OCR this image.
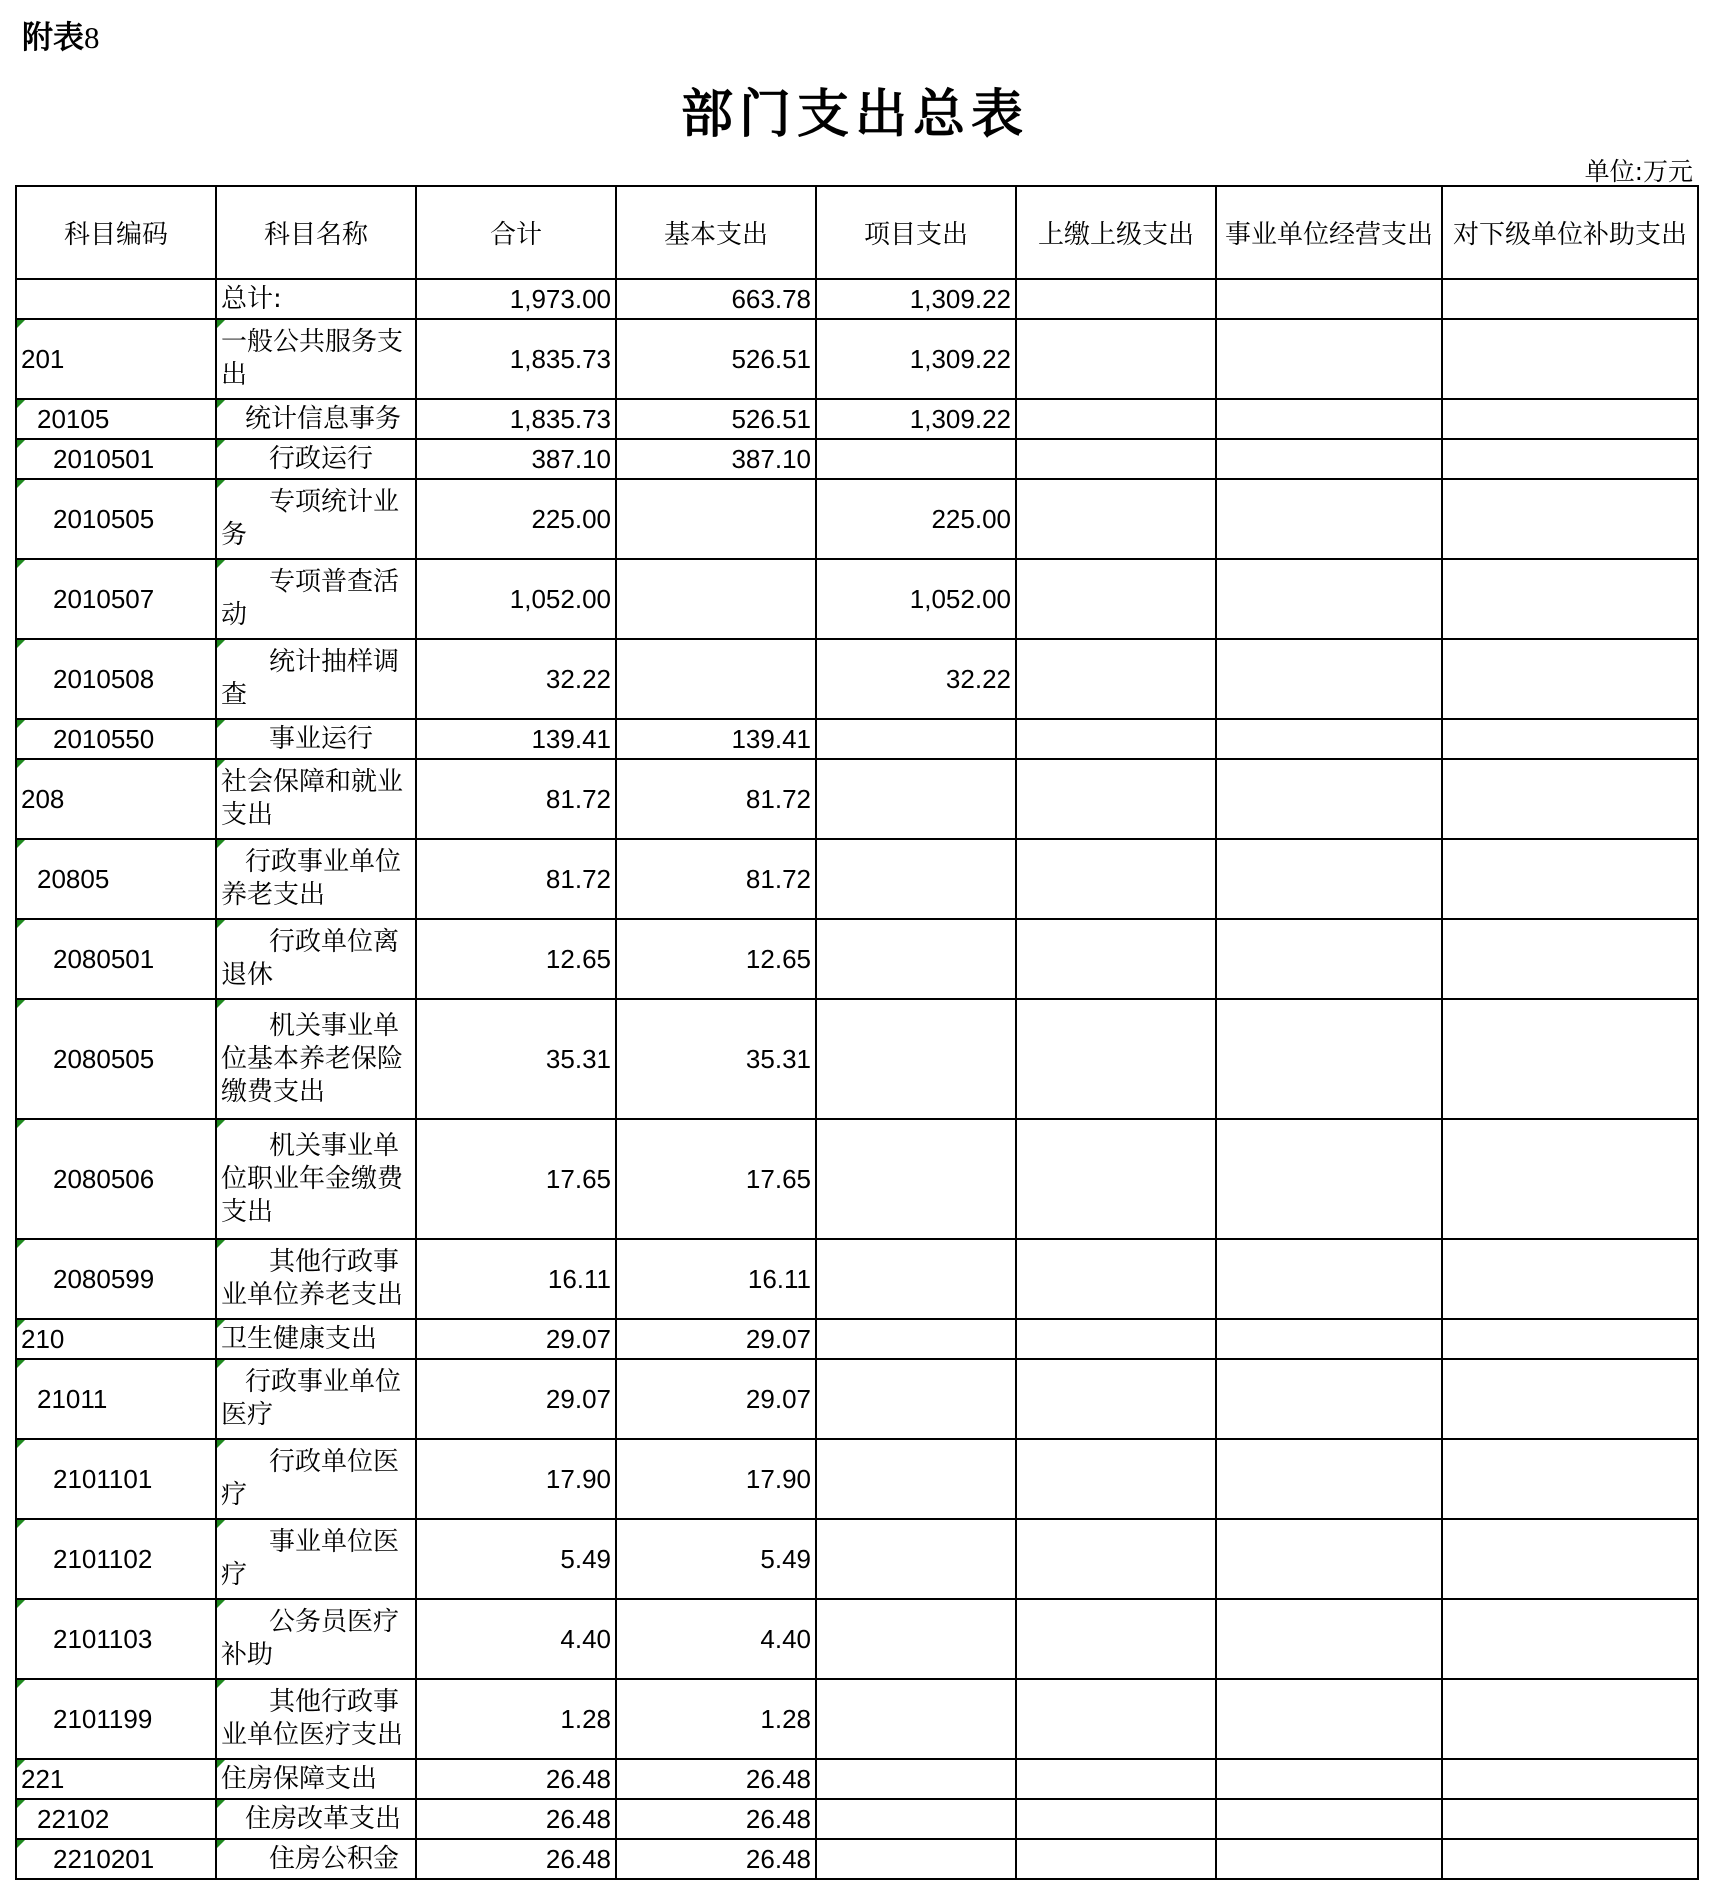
附表8
部门支出总表
单位:万元
科目编码	科目名称	合计	基本支出	项目支出	上缴上级支出	事业单位经营支出	对下级单位补助支出
	总计:	1,973.00	663.78	1,309.22			
201	一般公共服务支出	1,835.73	526.51	1,309.22			
20105	统计信息事务	1,835.73	526.51	1,309.22			
2010501	行政运行	387.10	387.10				
2010505	专项统计业务	225.00		225.00			
2010507	专项普查活动	1,052.00		1,052.00			
2010508	统计抽样调查	32.22		32.22			
2010550	事业运行	139.41	139.41				
208	社会保障和就业支出	81.72	81.72				
20805	行政事业单位养老支出	81.72	81.72				
2080501	行政单位离退休	12.65	12.65				
2080505	机关事业单位基本养老保险缴费支出	35.31	35.31				
2080506	机关事业单位职业年金缴费支出	17.65	17.65				
2080599	其他行政事业单位养老支出	16.11	16.11				
210	卫生健康支出	29.07	29.07				
21011	行政事业单位医疗	29.07	29.07				
2101101	行政单位医疗	17.90	17.90				
2101102	事业单位医疗	5.49	5.49				
2101103	公务员医疗补助	4.40	4.40				
2101199	其他行政事业单位医疗支出	1.28	1.28				
221	住房保障支出	26.48	26.48				
22102	住房改革支出	26.48	26.48				
2210201	住房公积金	26.48	26.48				
